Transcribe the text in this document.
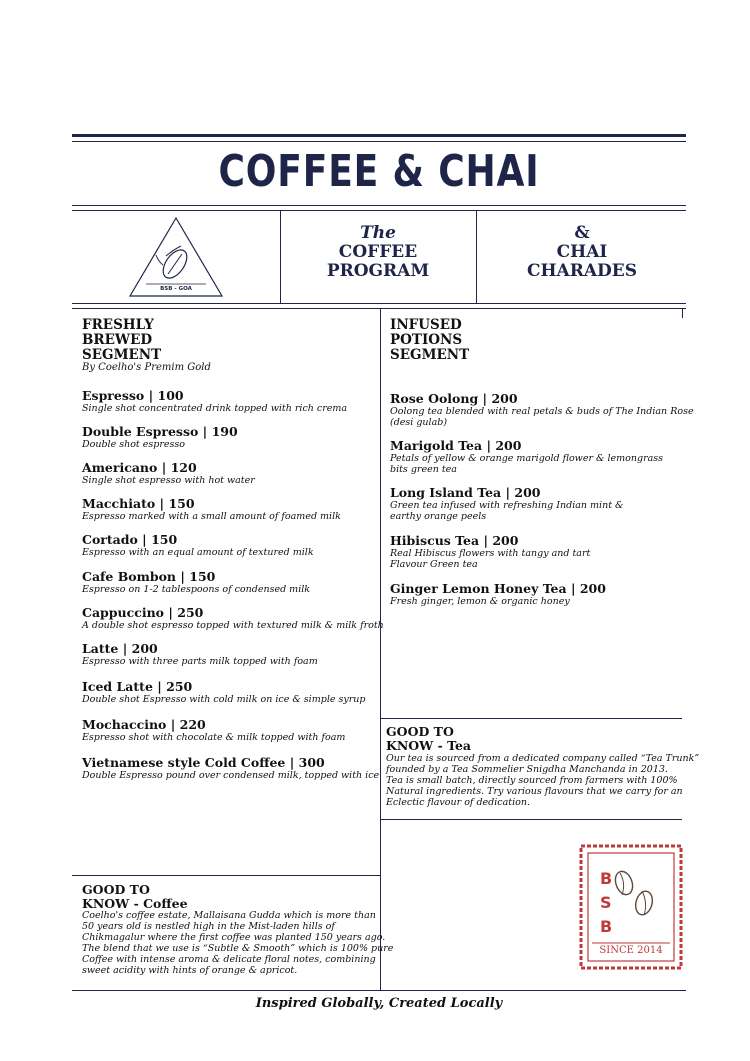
COFFEE & CHAI
BSB - GOA
The
COFFEE
PROGRAM
&
CHAI
CHARADES
FRESHLY
BREWED
SEGMENT
By Coelho's Premim Gold
Espresso | 100
Single shot concentrated drink topped with rich crema
Double Espresso | 190
Double shot espresso
Americano | 120
Single shot espresso with hot water
Macchiato | 150
Espresso marked with a small amount of foamed milk
Cortado | 150
Espresso with an equal amount of textured milk
Cafe Bombon | 150
Espresso on 1-2 tablespoons of condensed milk
Cappuccino | 250
A double shot espresso topped with textured milk & milk froth
Latte | 200
Espresso with three parts milk topped with foam
Iced Latte | 250
Double shot Espresso with cold milk on ice & simple syrup
Mochaccino | 220
Espresso shot with chocolate & milk topped with foam
Vietnamese style Cold Coffee | 300
Double Espresso pound over condensed milk, topped with ice
INFUSED
POTIONS
SEGMENT
Rose Oolong | 200
Oolong tea blended with real petals & buds of The Indian Rose
(desi gulab)
Marigold Tea | 200
Petals of yellow & orange marigold flower & lemongrass
bits green tea
Long Island Tea | 200
Green tea infused with refreshing Indian mint &
earthy orange peels
Hibiscus Tea | 200
Real Hibiscus flowers with tangy and tart
Flavour Green tea
Ginger Lemon Honey Tea | 200
Fresh ginger, lemon & organic honey
GOOD TO
KNOW - Tea
Our tea is sourced from a dedicated company called “Tea Trunk”
founded by a Tea Sommelier Snigdha Manchanda in 2013.
Tea is small batch, directly sourced from farmers with 100%
Natural ingredients. Try various flavours that we carry for an
Eclectic flavour of dedication.
GOOD TO
KNOW - Coffee
Coelho's coffee estate, Mallaisana Gudda which is more than
50 years old is nestled high in the Mist-laden hills of
Chikmagalur where the first coffee was planted 150 years ago.
The blend that we use is “Subtle & Smooth” which is 100% pure
Coffee with intense aroma & delicate floral notes, combining
sweet acidity with hints of orange & apricot.
B
S
B
SINCE 2014
Inspired Globally, Created Locally
